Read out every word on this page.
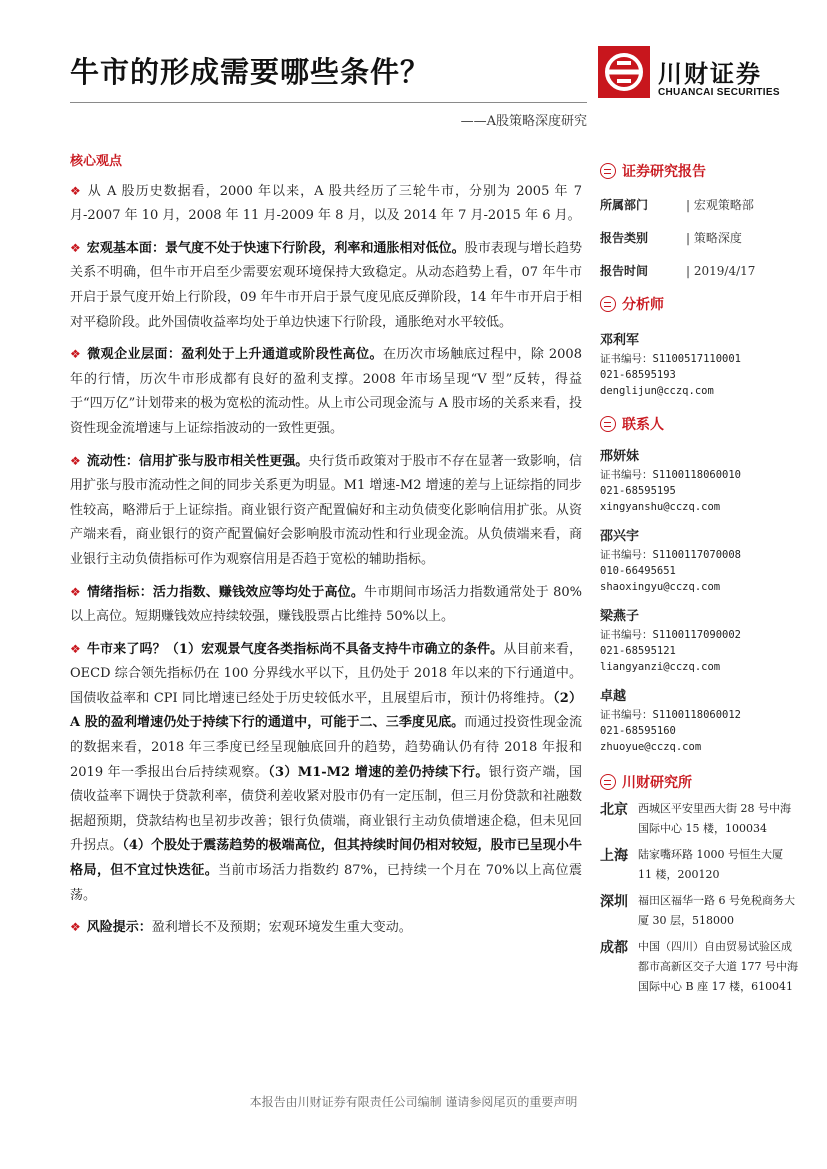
牛市的形成需要哪些条件？
——A股策略深度研究
川财证券
CHUANCAI SECURITIES
核心观点

❖ 从 A 股历史数据看，2000 年以来，A 股共经历了三轮牛市，分别为 2005 年 7 月-2007 年 10 月，2008 年 11 月-2009 年 8 月，以及 2014 年 7 月-2015 年 6 月。

❖ 宏观基本面：景气度不处于快速下行阶段，利率和通胀相对低位。股市表现与增长趋势关系不明确，但牛市开启至少需要宏观环境保持大致稳定。从动态趋势上看，07 年牛市开启于景气度开始上行阶段，09 年牛市开启于景气度见底反弹阶段，14 年牛市开启于相对平稳阶段。此外国债收益率均处于单边快速下行阶段，通胀绝对水平较低。

❖ 微观企业层面：盈利处于上升通道或阶段性高位。在历次市场触底过程中，除 2008 年的行情，历次牛市形成都有良好的盈利支撑。2008 年市场呈现“V 型”反转，得益于“四万亿”计划带来的极为宽松的流动性。从上市公司现金流与 A 股市场的关系来看，投资性现金流增速与上证综指波动的一致性更强。

❖ 流动性：信用扩张与股市相关性更强。央行货币政策对于股市不存在显著一致影响，信用扩张与股市流动性之间的同步关系更为明显。M1 增速-M2 增速的差与上证综指的同步性较高，略滞后于上证综指。商业银行资产配置偏好和主动负债变化影响信用扩张。从资产端来看，商业银行的资产配置偏好会影响股市流动性和行业现金流。从负债端来看，商业银行主动负债指标可作为观察信用是否趋于宽松的辅助指标。

❖ 情绪指标：活力指数、赚钱效应等均处于高位。牛市期间市场活力指数通常处于 80%以上高位。短期赚钱效应持续较强，赚钱股票占比维持 50%以上。

❖ 牛市来了吗？（1）宏观景气度各类指标尚不具备支持牛市确立的条件。从目前来看，OECD 综合领先指标仍在 100 分界线水平以下，且仍处于 2018 年以来的下行通道中。国债收益率和 CPI 同比增速已经处于历史较低水平，且展望后市，预计仍将维持。（2）A 股的盈利增速仍处于持续下行的通道中，可能于二、三季度见底。而通过投资性现金流的数据来看，2018 年三季度已经呈现触底回升的趋势，趋势确认仍有待 2018 年报和 2019 年一季报出台后持续观察。（3）M1-M2 增速的差仍持续下行。银行资产端，国债收益率下调快于贷款利率，债贷利差收紧对股市仍有一定压制，但三月份贷款和社融数据超预期，贷款结构也呈初步改善；银行负债端，商业银行主动负债增速企稳，但未见回升拐点。（4）个股处于震荡趋势的极端高位，但其持续时间仍相对较短，股市已呈现小牛格局，但不宜过快迭征。当前市场活力指数约 87%，已持续一个月在 70%以上高位震荡。

❖ 风险提示：盈利增长不及预期；宏观环境发生重大变动。

证券研究报告
所属部门	| 宏观策略部
报告类别	| 策略深度
报告时间	| 2019/4/17
分析师
邓利军
证书编号：S1100517110001
021-68595193
denglijun@cczq.com
联系人
邢妍妹
证书编号：S1100118060010
021-68595195
xingyanshu@cczq.com
邵兴宇
证书编号：S1100117070008
010-66495651
shaoxingyu@cczq.com
梁燕子
证书编号：S1100117090002
021-68595121
liangyanzi@cczq.com
卓越
证书编号：S1100118060012
021-68595160
zhuoyue@cczq.com
川财研究所
北京 西城区平安里西大街 28 号中海国际中心 15 楼，100034
上海 陆家嘴环路 1000 号恒生大厦 11 楼，200120
深圳 福田区福华一路 6 号免税商务大厦 30 层，518000
成都 中国（四川）自由贸易试验区成都市高新区交子大道 177 号中海国际中心 B 座 17 楼，610041
本报告由川财证券有限责任公司编制 谨请参阅尾页的重要声明
